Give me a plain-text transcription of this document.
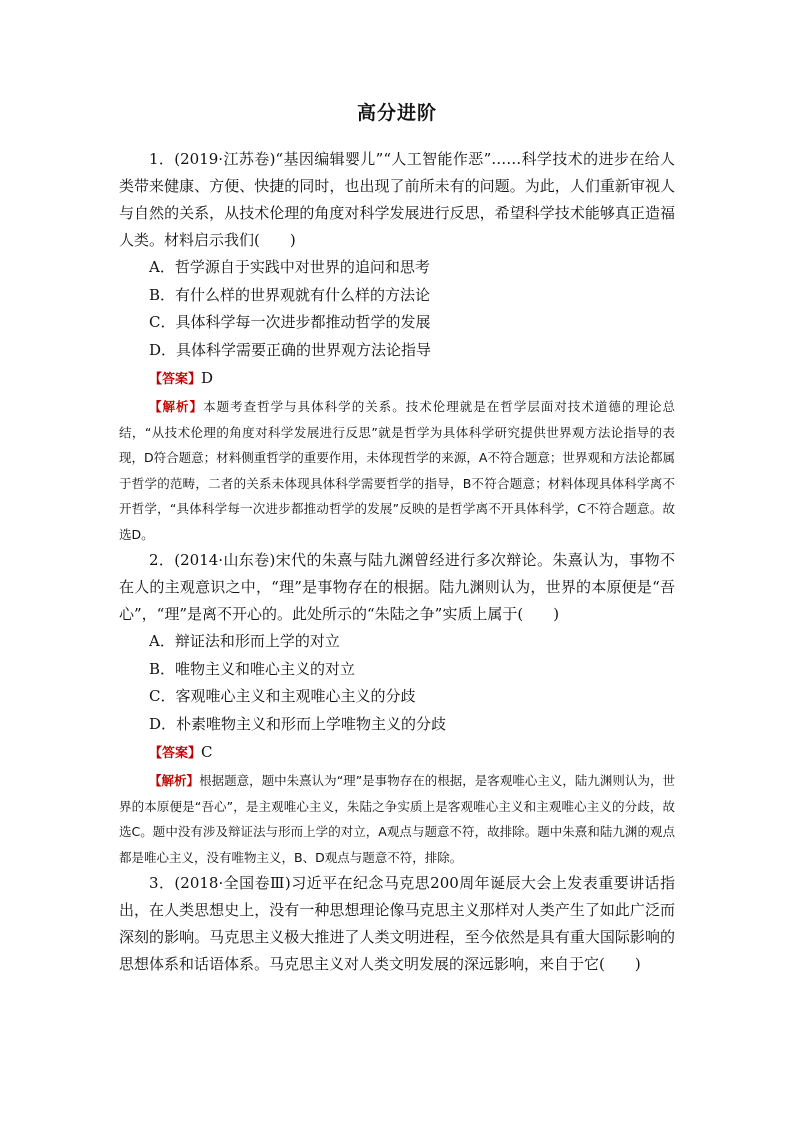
高分进阶

1．(2019·江苏卷)“基因编辑婴儿”“人工智能作恶”……科学技术的进步在给人类带来健康、方便、快捷的同时，也出现了前所未有的问题。为此，人们重新审视人与自然的关系，从技术伦理的角度对科学发展进行反思，希望科学技术能够真正造福人类。材料启示我们(　　)

A．哲学源自于实践中对世界的追问和思考

B．有什么样的世界观就有什么样的方法论

C．具体科学每一次进步都推动哲学的发展

D．具体科学需要正确的世界观方法论指导

【答案】D

【解析】本题考查哲学与具体科学的关系。技术伦理就是在哲学层面对技术道德的理论总结，“从技术伦理的角度对科学发展进行反思”就是哲学为具体科学研究提供世界观方法论指导的表现，D符合题意；材料侧重哲学的重要作用，未体现哲学的来源，A不符合题意；世界观和方法论都属于哲学的范畴，二者的关系未体现具体科学需要哲学的指导，B不符合题意；材料体现具体科学离不开哲学，“具体科学每一次进步都推动哲学的发展”反映的是哲学离不开具体科学，C不符合题意。故选D。

2．(2014·山东卷)宋代的朱熹与陆九渊曾经进行多次辩论。朱熹认为，事物不在人的主观意识之中，“理”是事物存在的根据。陆九渊则认为，世界的本原便是“吾心”，“理”是离不开心的。此处所示的“朱陆之争”实质上属于(　　)

A．辩证法和形而上学的对立

B．唯物主义和唯心主义的对立

C．客观唯心主义和主观唯心主义的分歧

D．朴素唯物主义和形而上学唯物主义的分歧

【答案】C

【解析】根据题意，题中朱熹认为“理”是事物存在的根据，是客观唯心主义，陆九渊则认为，世界的本原便是“吾心”，是主观唯心主义，朱陆之争实质上是客观唯心主义和主观唯心主义的分歧，故选C。题中没有涉及辩证法与形而上学的对立，A观点与题意不符，故排除。题中朱熹和陆九渊的观点都是唯心主义，没有唯物主义，B、D观点与题意不符，排除。

3．(2018·全国卷Ⅲ)习近平在纪念马克思200周年诞辰大会上发表重要讲话指出，在人类思想史上，没有一种思想理论像马克思主义那样对人类产生了如此广泛而深刻的影响。马克思主义极大推进了人类文明进程，至今依然是具有重大国际影响的思想体系和话语体系。马克思主义对人类文明发展的深远影响，来自于它(　　)
